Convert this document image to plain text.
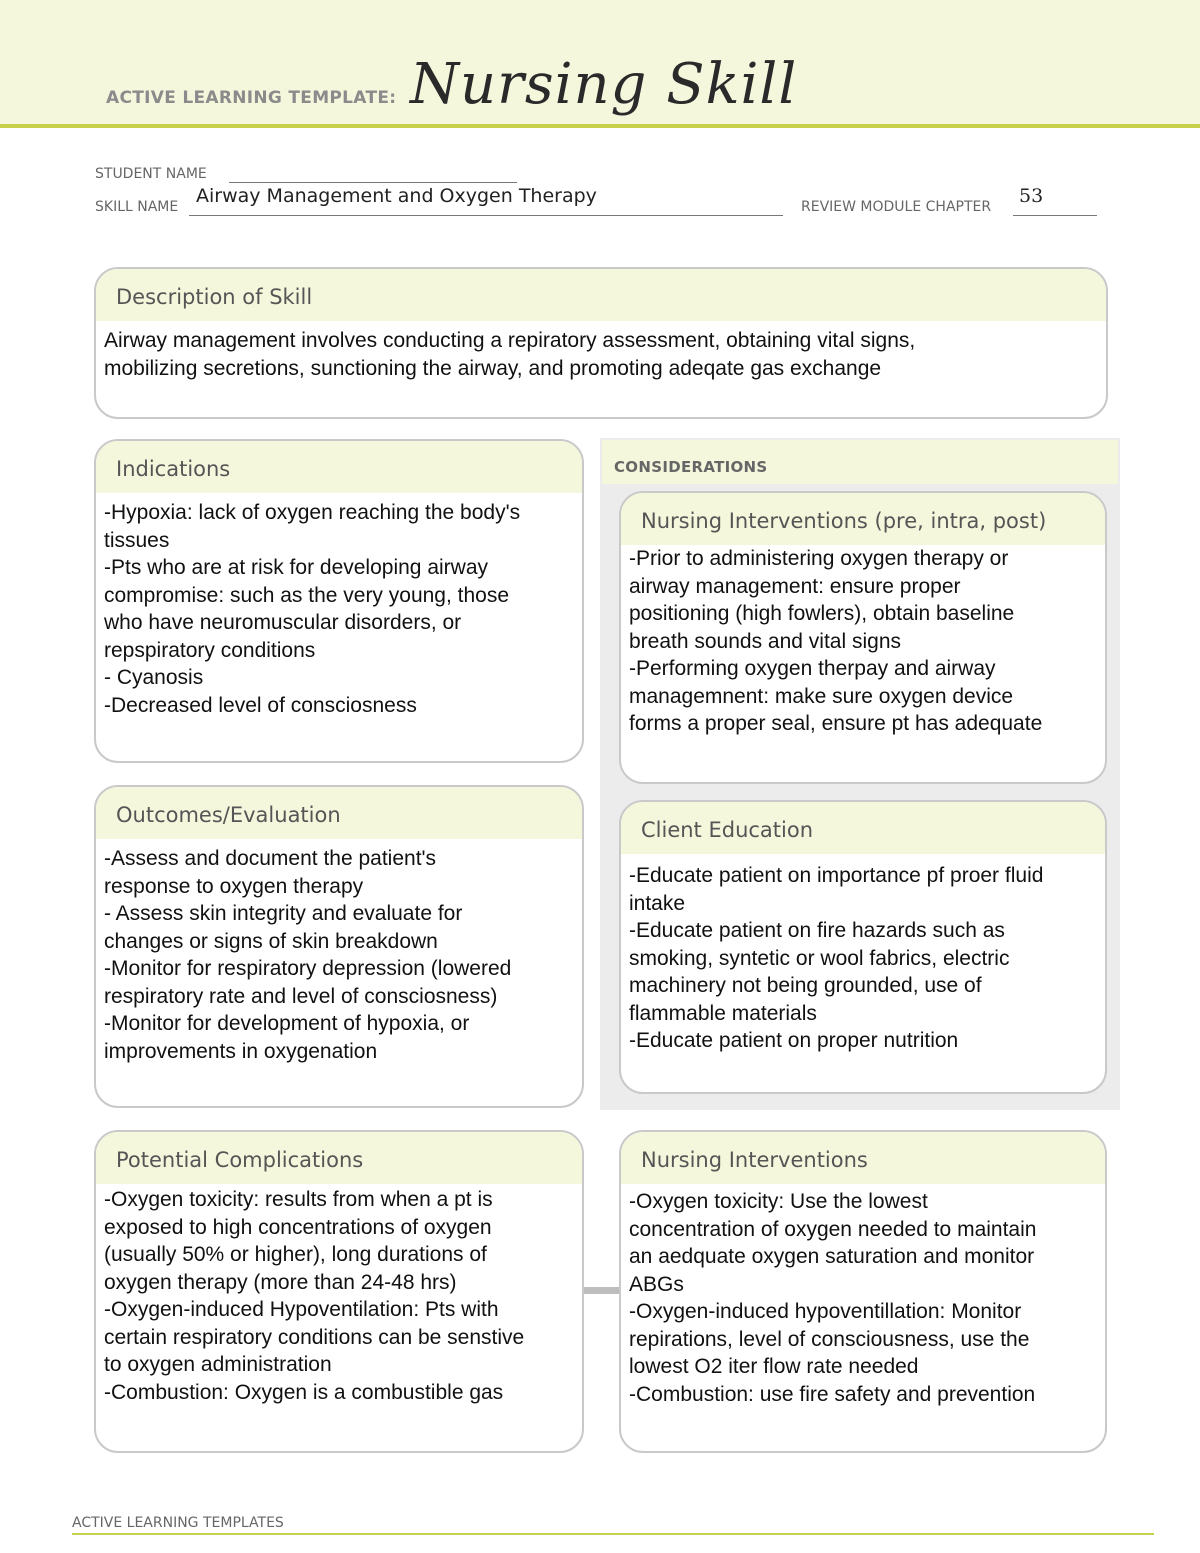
ACTIVE LEARNING TEMPLATE: Nursing Skill
STUDENT NAME
SKILL NAME Airway Management and Oxygen Therapy	REVIEW MODULE CHAPTER 53
Description of Skill

Airway management involves conducting a repiratory assessment, obtaining vital signs,

mobilizing secretions, sunctioning the airway, and promoting adeqate gas exchange

CONSIDERATIONS
Indications

-Hypoxia: lack of oxygen reaching the body's

tissues

-Pts who are at risk for developing airway

compromise: such as the very young, those

who have neuromuscular disorders, or

repspiratory conditions

- Cyanosis

-Decreased level of consciosness

Nursing Interventions (pre, intra, post)

-Prior to administering oxygen therapy or

airway management: ensure proper

positioning (high fowlers), obtain baseline

breath sounds and vital signs

-Performing oxygen therpay and airway

managemnent: make sure oxygen device

forms a proper seal, ensure pt has adequate

Outcomes/Evaluation

-Assess and document the patient's

response to oxygen therapy

- Assess skin integrity and evaluate for

changes or signs of skin breakdown

-Monitor for respiratory depression (lowered

respiratory rate and level of consciosness)

-Monitor for development of hypoxia, or

improvements in oxygenation

Client Education

-Educate patient on importance pf proer fluid

intake

-Educate patient on fire hazards such as

smoking, syntetic or wool fabrics, electric

machinery not being grounded, use of

flammable materials

-Educate patient on proper nutrition

Potential Complications

-Oxygen toxicity: results from when a pt is

exposed to high concentrations of oxygen

(usually 50% or higher), long durations of

oxygen therapy (more than 24-48 hrs)

-Oxygen-induced Hypoventilation: Pts with

certain respiratory conditions can be senstive

to oxygen administration

-Combustion: Oxygen is a combustible gas

Nursing Interventions

-Oxygen toxicity: Use the lowest

concentration of oxygen needed to maintain

an aedquate oxygen saturation and monitor

ABGs

-Oxygen-induced hypoventillation: Monitor

repirations, level of consciousness, use the

lowest O2 iter flow rate needed

-Combustion: use fire safety and prevention

ACTIVE LEARNING TEMPLATES
